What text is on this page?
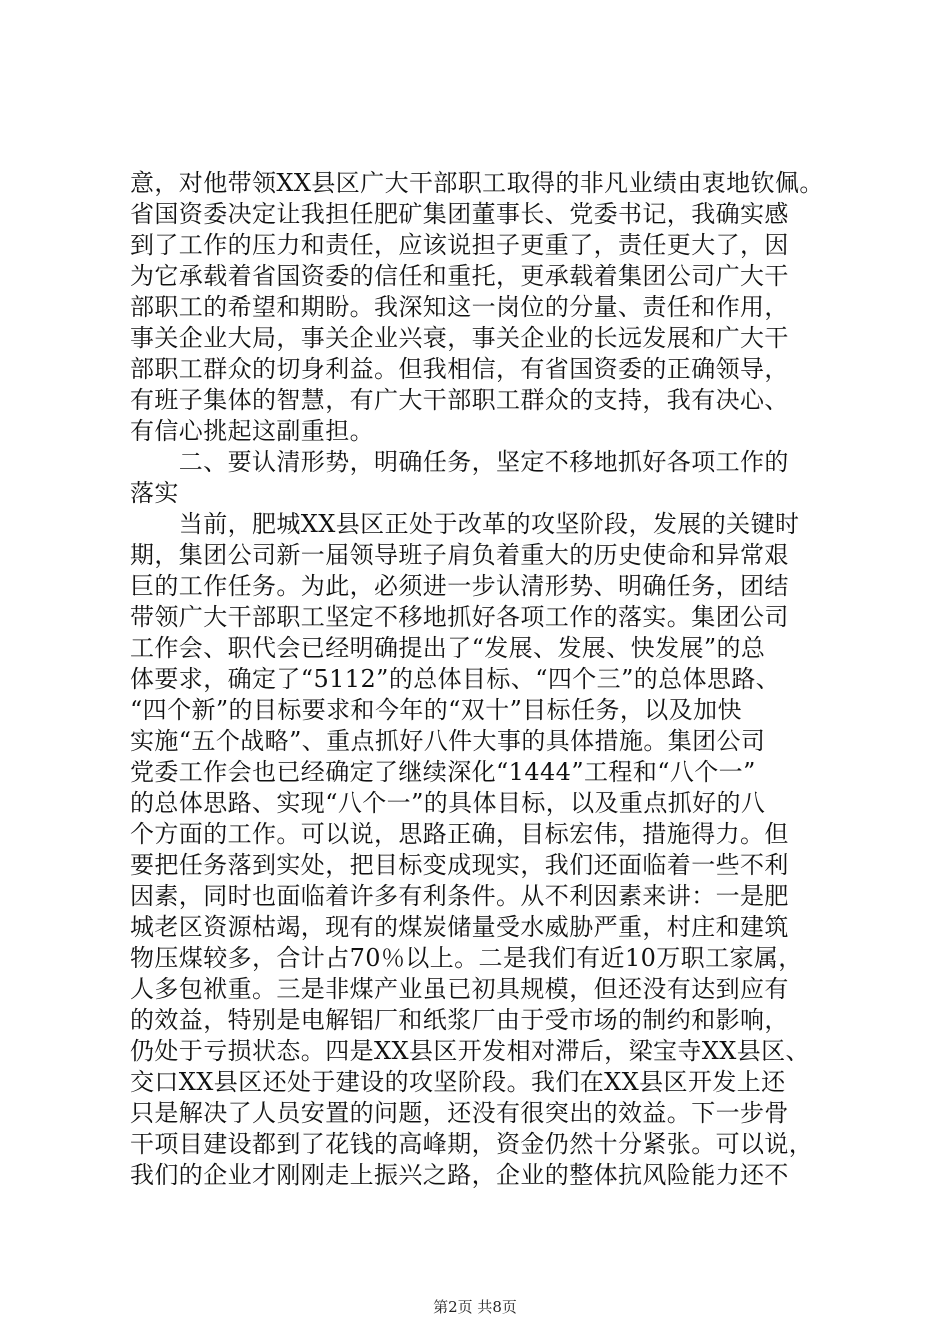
意，对他带领XX县区广大干部职工取得的非凡业绩由衷地钦佩。
省国资委决定让我担任肥矿集团董事长、党委书记，我确实感
到了工作的压力和责任，应该说担子更重了，责任更大了，因
为它承载着省国资委的信任和重托，更承载着集团公司广大干
部职工的希望和期盼。我深知这一岗位的分量、责任和作用，
事关企业大局，事关企业兴衰，事关企业的长远发展和广大干
部职工群众的切身利益。但我相信，有省国资委的正确领导，
有班子集体的智慧，有广大干部职工群众的支持，我有决心、
有信心挑起这副重担。
　　二、要认清形势，明确任务，坚定不移地抓好各项工作的
落实
　　当前，肥城XX县区正处于改革的攻坚阶段，发展的关键时
期，集团公司新一届领导班子肩负着重大的历史使命和异常艰
巨的工作任务。为此，必须进一步认清形势、明确任务，团结
带领广大干部职工坚定不移地抓好各项工作的落实。集团公司
工作会、职代会已经明确提出了“发展、发展、快发展”的总
体要求，确定了“5112”的总体目标、“四个三”的总体思路、
“四个新”的目标要求和今年的“双十”目标任务，以及加快
实施“五个战略”、重点抓好八件大事的具体措施。集团公司
党委工作会也已经确定了继续深化“1444”工程和“八个一”
的总体思路、实现“八个一”的具体目标，以及重点抓好的八
个方面的工作。可以说，思路正确，目标宏伟，措施得力。但
要把任务落到实处，把目标变成现实，我们还面临着一些不利
因素，同时也面临着许多有利条件。从不利因素来讲：一是肥
城老区资源枯竭，现有的煤炭储量受水威胁严重，村庄和建筑
物压煤较多，合计占70％以上。二是我们有近10万职工家属，
人多包袱重。三是非煤产业虽已初具规模，但还没有达到应有
的效益，特别是电解铝厂和纸浆厂由于受市场的制约和影响，
仍处于亏损状态。四是XX县区开发相对滞后，梁宝寺XX县区、
交口XX县区还处于建设的攻坚阶段。我们在XX县区开发上还
只是解决了人员安置的问题，还没有很突出的效益。下一步骨
干项目建设都到了花钱的高峰期，资金仍然十分紧张。可以说，
我们的企业才刚刚走上振兴之路，企业的整体抗风险能力还不
第2页 共8页
